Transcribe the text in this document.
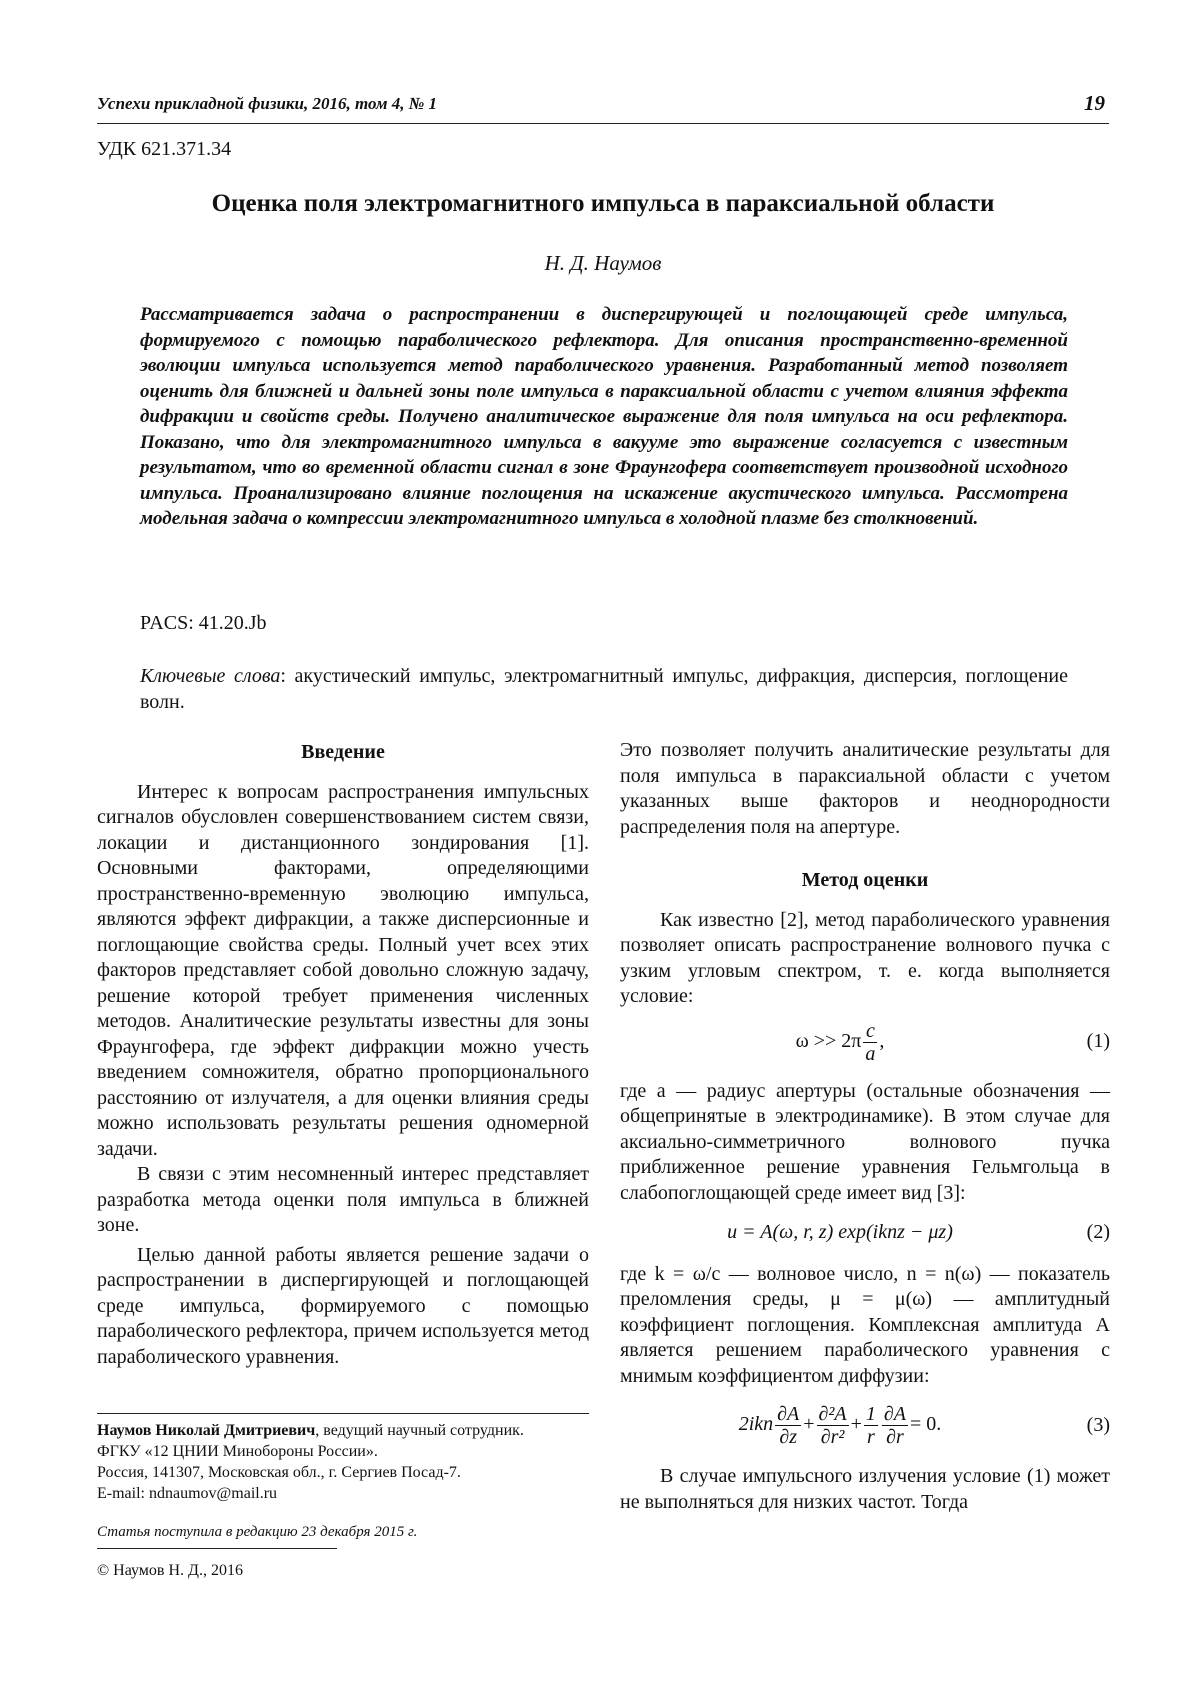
Успехи прикладной физики, 2016, том 4, № 1	19
УДК 621.371.34
Оценка поля электромагнитного импульса в параксиальной области
Н. Д. Наумов

Рассматривается задача о распространении в диспергирующей и поглощающей среде импульса, формируемого с помощью параболического рефлектора. Для описания пространственно-временной эволюции импульса используется метод параболического уравнения. Разработанный метод позволяет оценить для ближней и дальней зоны поле импульса в параксиальной области с учетом влияния эффекта дифракции и свойств среды. Получено аналитическое выражение для поля импульса на оси рефлектора. Показано, что для электромагнитного импульса в вакууме это выражение согласуется с известным результатом, что во временной области сигнал в зоне Фраунгофера соответствует производной исходного импульса. Проанализировано влияние поглощения на искажение акустического импульса. Рассмотрена модельная задача о компрессии электромагнитного импульса в холодной плазме без столкновений.

PACS: 41.20.Jb

Ключевые слова: акустический импульс, электромагнитный импульс, дифракция, дисперсия, поглощение волн.

Введение

Интерес к вопросам распространения импульсных сигналов обусловлен совершенствованием систем связи, локации и дистанционного зондирования [1]. Основными факторами, определяющими пространственно-временную эволюцию импульса, являются эффект дифракции, а также дисперсионные и поглощающие свойства среды. Полный учет всех этих факторов представляет собой довольно сложную задачу, решение которой требует применения численных методов. Аналитические результаты известны для зоны Фраунгофера, где эффект дифракции можно учесть введением сомножителя, обратно пропорционального расстоянию от излучателя, а для оценки влияния среды можно использовать результаты решения одномерной задачи.

В связи с этим несомненный интерес представляет разработка метода оценки поля импульса в ближней зоне.

Целью данной работы является решение задачи о распространении в диспергирующей и поглощающей среде импульса, формируемого с помощью параболического рефлектора, причем используется метод параболического уравнения.

Это позволяет получить аналитические результаты для поля импульса в параксиальной области с учетом указанных выше факторов и неоднородности распределения поля на апертуре.

Метод оценки

Как известно [2], метод параболического уравнения позволяет описать распространение волнового пучка с узким угловым спектром, т. е. когда выполняется условие:

$\omega >> 2\pi \frac{c}{a}$ ,	(1)

где a — радиус апертуры (остальные обозначения — общепринятые в электродинамике). В этом случае для аксиально-симметричного волнового пучка приближенное решение уравнения Гельмгольца в слабопоглощающей среде имеет вид [3]:

u = A(ω, r, z) exp(iknz − μz)	(2)

где k = ω/c — волновое число, n = n(ω) — показатель преломления среды, μ = μ(ω) — амплитудный коэффициент поглощения. Комплексная амплитуда A является решением параболического уравнения с мнимым коэффициентом диффузии:

$2ikn \frac{\partial A}{\partial z} + \frac{\text{∂²A}}{\text{∂r²}} + \frac{1}{r} \frac{\partial A}{\partial r} = 0$.	(3)

В случае импульсного излучения условие (1) может не выполняться для низких частот. Тогда

Наумов Николай Дмитриевич, ведущий научный сотрудник.
ФГКУ «12 ЦНИИ Минобороны России».
Россия, 141307, Московская обл., г. Сергиев Посад-7.
E-mail: ndnaumov@mail.ru
Статья поступила в редакцию 23 декабря 2015 г.
© Наумов Н. Д., 2016
